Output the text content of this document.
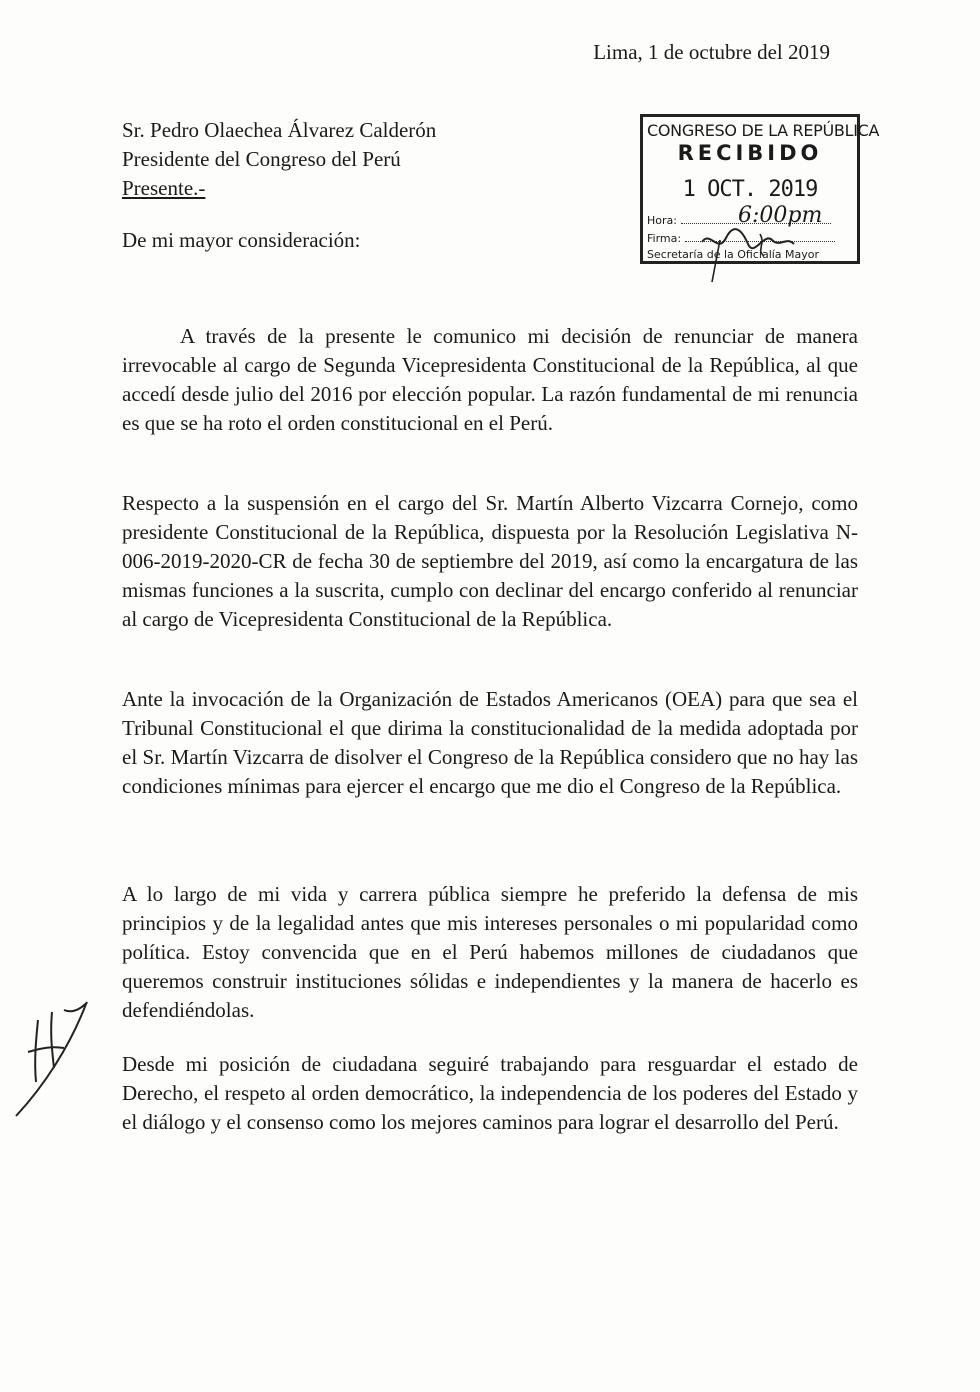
Lima, 1 de octubre del 2019
Sr. Pedro Olaechea Álvarez Calderón
Presidente del Congreso del Perú
Presente.-
De mi mayor consideración:
CONGRESO DE LA REPÚBLICA
RECIBIDO
1 OCT. 2019
Hora:	6:00pm
Firma:
Secretaría de la Oficialía Mayor

A través de la presente le comunico mi decisión de renunciar de manera irrevocable al cargo de Segunda Vicepresidenta Constitucional de la República, al que accedí desde julio del 2016 por elección popular. La razón fundamental de mi renuncia es que se ha roto el orden constitucional en el Perú.

Respecto a la suspensión en el cargo del Sr. Martín Alberto Vizcarra Cornejo, como presidente Constitucional de la República, dispuesta por la Resolución Legislativa N- 006-2019-2020-CR de fecha 30 de septiembre del 2019, así como la encargatura de las mismas funciones a la suscrita, cumplo con declinar del encargo conferido al renunciar al cargo de Vicepresidenta Constitucional de la República.

Ante la invocación de la Organización de Estados Americanos (OEA) para que sea el Tribunal Constitucional el que dirima la constitucionalidad de la medida adoptada por el Sr. Martín Vizcarra de disolver el Congreso de la República considero que no hay las condiciones mínimas para ejercer el encargo que me dio el Congreso de la República.

A lo largo de mi vida y carrera pública siempre he preferido la defensa de mis principios y de la legalidad antes que mis intereses personales o mi popularidad como política. Estoy convencida que en el Perú habemos millones de ciudadanos que queremos construir instituciones sólidas e independientes y la manera de hacerlo es defendiéndolas.

Desde mi posición de ciudadana seguiré trabajando para resguardar el estado de Derecho, el respeto al orden democrático, la independencia de los poderes del Estado y el diálogo y el consenso como los mejores caminos para lograr el desarrollo del Perú.
